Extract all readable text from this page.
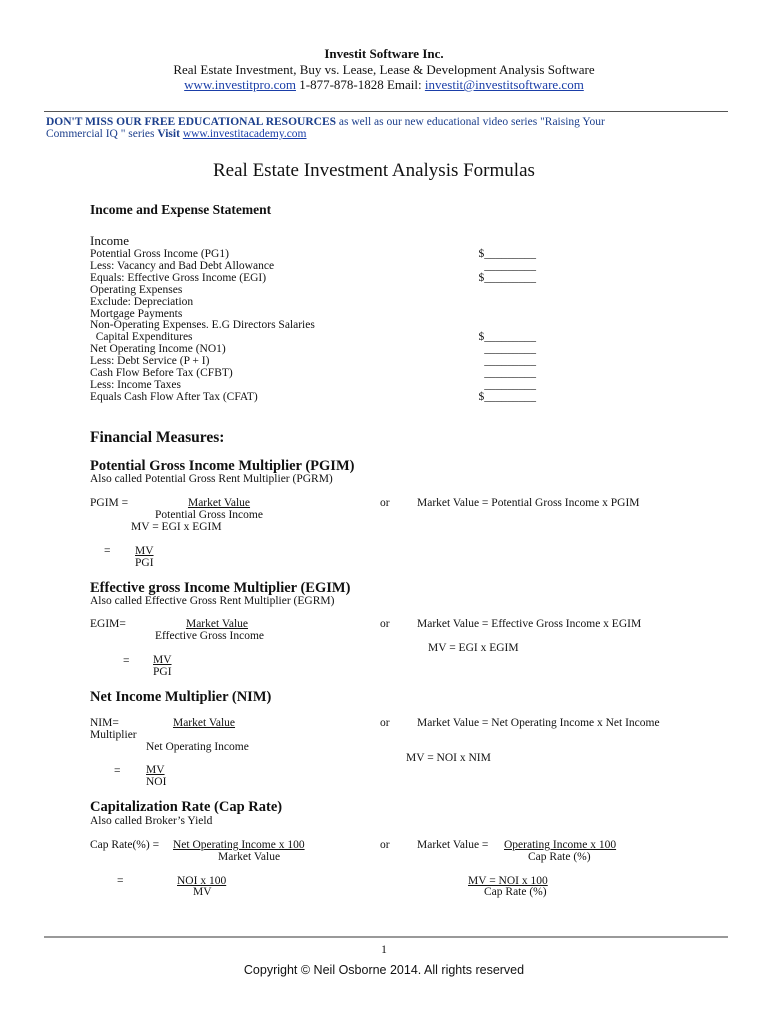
Investit Software Inc.
Real Estate Investment, Buy vs. Lease, Lease & Development Analysis Software
www.investitpro.com 1-877-878-1828 Email: investit@investitsoftware.com
DON'T MISS OUR FREE EDUCATIONAL RESOURCES as well as our new educational video series "Raising Your
Commercial IQ " series Visit www.investitacademy.com
Real Estate Investment Analysis Formulas
Income and Expense Statement
Income
Potential Gross Income (PG1)	$_________
Less: Vacancy and Bad Debt Allowance	_________
Equals: Effective Gross Income (EGI)	$_________
Operating Expenses
Exclude: Depreciation
Mortgage Payments
Non-Operating Expenses. E.G Directors Salaries
Capital Expenditures	$_________
Net Operating Income (NO1)	_________
Less: Debt Service (P + I)	_________
Cash Flow Before Tax (CFBT)	_________
Less: Income Taxes	_________
Equals Cash Flow After Tax (CFAT)	$_________
Financial Measures:
Potential Gross Income Multiplier (PGIM)
Also called Potential Gross Rent Multiplier (PGRM)
PGIM =	Market Value
Potential Gross Income
or Market Value = Potential Gross Income x PGIM
MV = EGI x EGIM
= MV
PGI
Effective gross Income Multiplier (EGIM)
Also called Effective Gross Rent Multiplier (EGRM)
EGIM=	Market Value
Effective Gross Income
or Market Value = Effective Gross Income x EGIM
MV = EGI x EGIM
= MV
PGI
Net Income Multiplier (NIM)
NIM=	Market Value
Multiplier
Net Operating Income
or Market Value = Net Operating Income x Net Income
MV = NOI x NIM
= MV
NOI
Capitalization Rate (Cap Rate)
Also called Broker’s Yield
Cap Rate(%) = Net Operating Income x 100
Market Value
or Market Value = Operating Income x 100
Cap Rate (%)
=	NOI x 100
MV
MV = NOI x 100
Cap Rate (%)
1
Copyright © Neil Osborne 2014. All rights reserved
